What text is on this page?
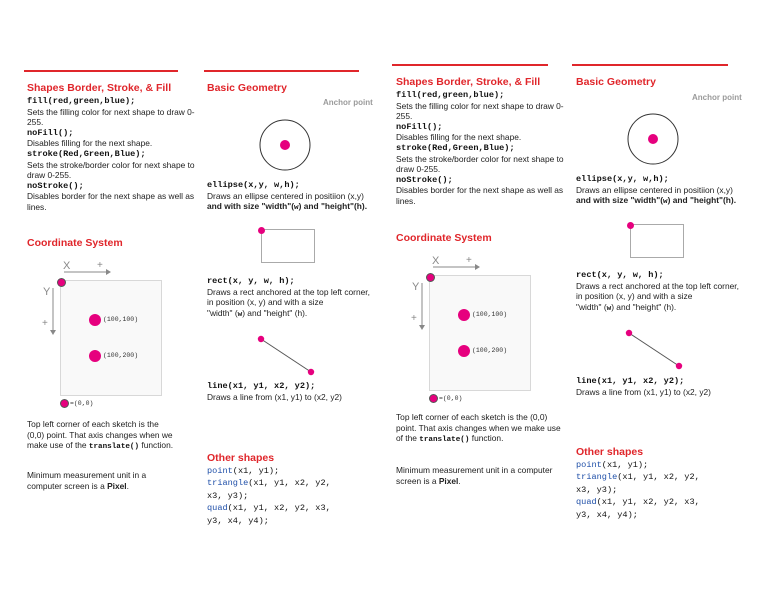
Shapes Border, Stroke, & Fill
fill(red,green,blue);
Sets the filling color for next shape to draw 0-255.
noFill();
Disables filling for the next shape.
stroke(Red,Green,Blue);
Sets the stroke/border color for next shape to draw 0-255.
noStroke();
Disables border for the next shape as well as lines.
Coordinate System
X	+
Y
+	(100,100)
(100,200)
=(0,0)
Top left corner of each sketch is the (0,0) point. That axis changes when we make use of the translate() function.
Minimum measurement unit in a computer screen is a Pixel.
Basic Geometry
Anchor point
ellipse(x,y, w,h);
Draws an ellipse centered in positiion (x,y)
and with size "width"(w) and "height"(h).
rect(x, y, w, h);
Draws a rect anchored at the top left corner, in position (x, y) and with a size
"width" (w) and "height" (h).
line(x1, y1, x2, y2);
Draws a line from (x1, y1) to (x2, y2)
Other shapes
point(x1, y1);
triangle(x1, y1, x2, y2,
x3, y3);
quad(x1, y1, x2, y2, x3,
y3, x4, y4);
Shapes Border, Stroke, & Fill
fill(red,green,blue);
Sets the filling color for next shape to draw 0-255.
noFill();
Disables filling for the next shape.
stroke(Red,Green,Blue);
Sets the stroke/border color for next shape to draw 0-255.
noStroke();
Disables border for the next shape as well as lines.
Coordinate System
X	+
Y
+	(100,100)
(100,200)
=(0,0)
Top left corner of each sketch is the (0,0) point. That axis changes when we make use of the translate() function.
Minimum measurement unit in a computer screen is a Pixel.
Basic Geometry
Anchor point
ellipse(x,y, w,h);
Draws an ellipse centered in positiion (x,y)
and with size "width"(w) and "height"(h).
rect(x, y, w, h);
Draws a rect anchored at the top left corner, in position (x, y) and with a size
"width" (w) and "height" (h).
line(x1, y1, x2, y2);
Draws a line from (x1, y1) to (x2, y2)
Other shapes
point(x1, y1);
triangle(x1, y1, x2, y2,
x3, y3);
quad(x1, y1, x2, y2, x3,
y3, x4, y4);
